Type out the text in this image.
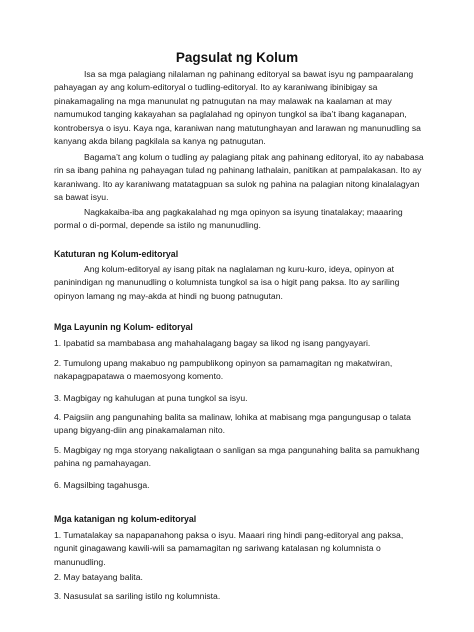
Pagsulat ng Kolum

Isa sa mga palagiang nilalaman ng pahinang editoryal sa bawat isyu ng pampaaralang pahayagan ay ang kolum-editoryal o tudling-editoryal. Ito ay karaniwang ibinibigay sa pinakamagaling na mga manunulat ng patnugutan na may malawak na kaalaman at may namumukod tanging kakayahan sa paglalahad ng opinyon tungkol sa iba’t ibang kaganapan, kontrobersya o isyu. Kaya nga, karaniwan nang matutunghayan and larawan ng manunudling sa kanyang akda bilang pagkilala sa kanya ng patnugutan.

Bagama’t ang kolum o tudling ay palagiang pitak ang pahinang editoryal, ito ay nababasa rin sa ibang pahina ng pahayagan tulad ng pahinang lathalain, panitikan at pampalakasan. Ito ay karaniwang. Ito ay karaniwang matatagpuan sa sulok ng pahina na palagian nitong kinalalagyan sa bawat isyu.

Nagkakaiba-iba ang pagkakalahad ng mga opinyon sa isyung tinatalakay; maaaring pormal o di-pormal, depende sa istilo ng manunudling.

Katuturan ng Kolum-editoryal

Ang kolum-editoryal ay isang pitak na naglalaman ng kuru-kuro, ideya, opinyon at paninindigan ng manunudling o kolumnista tungkol sa isa o higit pang paksa. Ito ay sariling opinyon lamang ng may-akda at hindi ng buong patnugutan.

Mga Layunin ng Kolum- editoryal

1. Ipabatid sa mambabasa ang mahahalagang bagay sa likod ng isang pangyayari.

2. Tumulong upang makabuo ng pampublikong opinyon sa pamamagitan ng makatwiran, nakapagpapatawa o maemosyong komento.

3. Magbigay ng kahulugan at puna tungkol sa isyu.

4. Paigsiin ang pangunahing balita sa malinaw, lohika at mabisang mga pangungusap o talata upang bigyang-diin ang pinakamalaman nito.

5. Magbigay ng mga storyang nakaligtaan o sanligan sa mga pangunahing balita sa pamukhang pahina ng pamahayagan.

6. Magsilbing tagahusga.

Mga katanigan ng kolum-editoryal

1. Tumatalakay sa napapanahong paksa o isyu. Maaari ring hindi pang-editoryal ang paksa, ngunit ginagawang kawili-wili sa pamamagitan ng sariwang katalasan ng kolumnista o manunudling.

2. May batayang balita.

3. Nasusulat sa sariling istilo ng kolumnista.
